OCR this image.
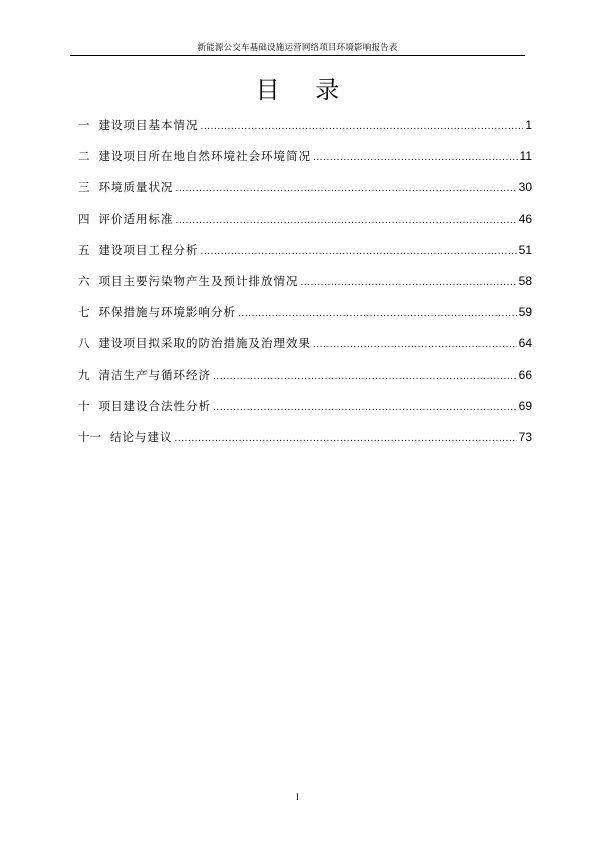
新能源公交车基础设施运营网络项目环境影响报告表
目 录
一 建设项目基本情况 .....	1
二 建设项目所在地自然环境社会环境简况 .....	11
三 环境质量状况 .....	30
四 评价适用标准 .....	46
五 建设项目工程分析 .....	51
六 项目主要污染物产生及预计排放情况 .....	58
七 环保措施与环境影响分析 .....	59
八 建设项目拟采取的防治措施及治理效果 .....	64
九 清洁生产与循环经济 .....	66
十 项目建设合法性分析 .....	69
十一 结论与建议 .....	73
I
